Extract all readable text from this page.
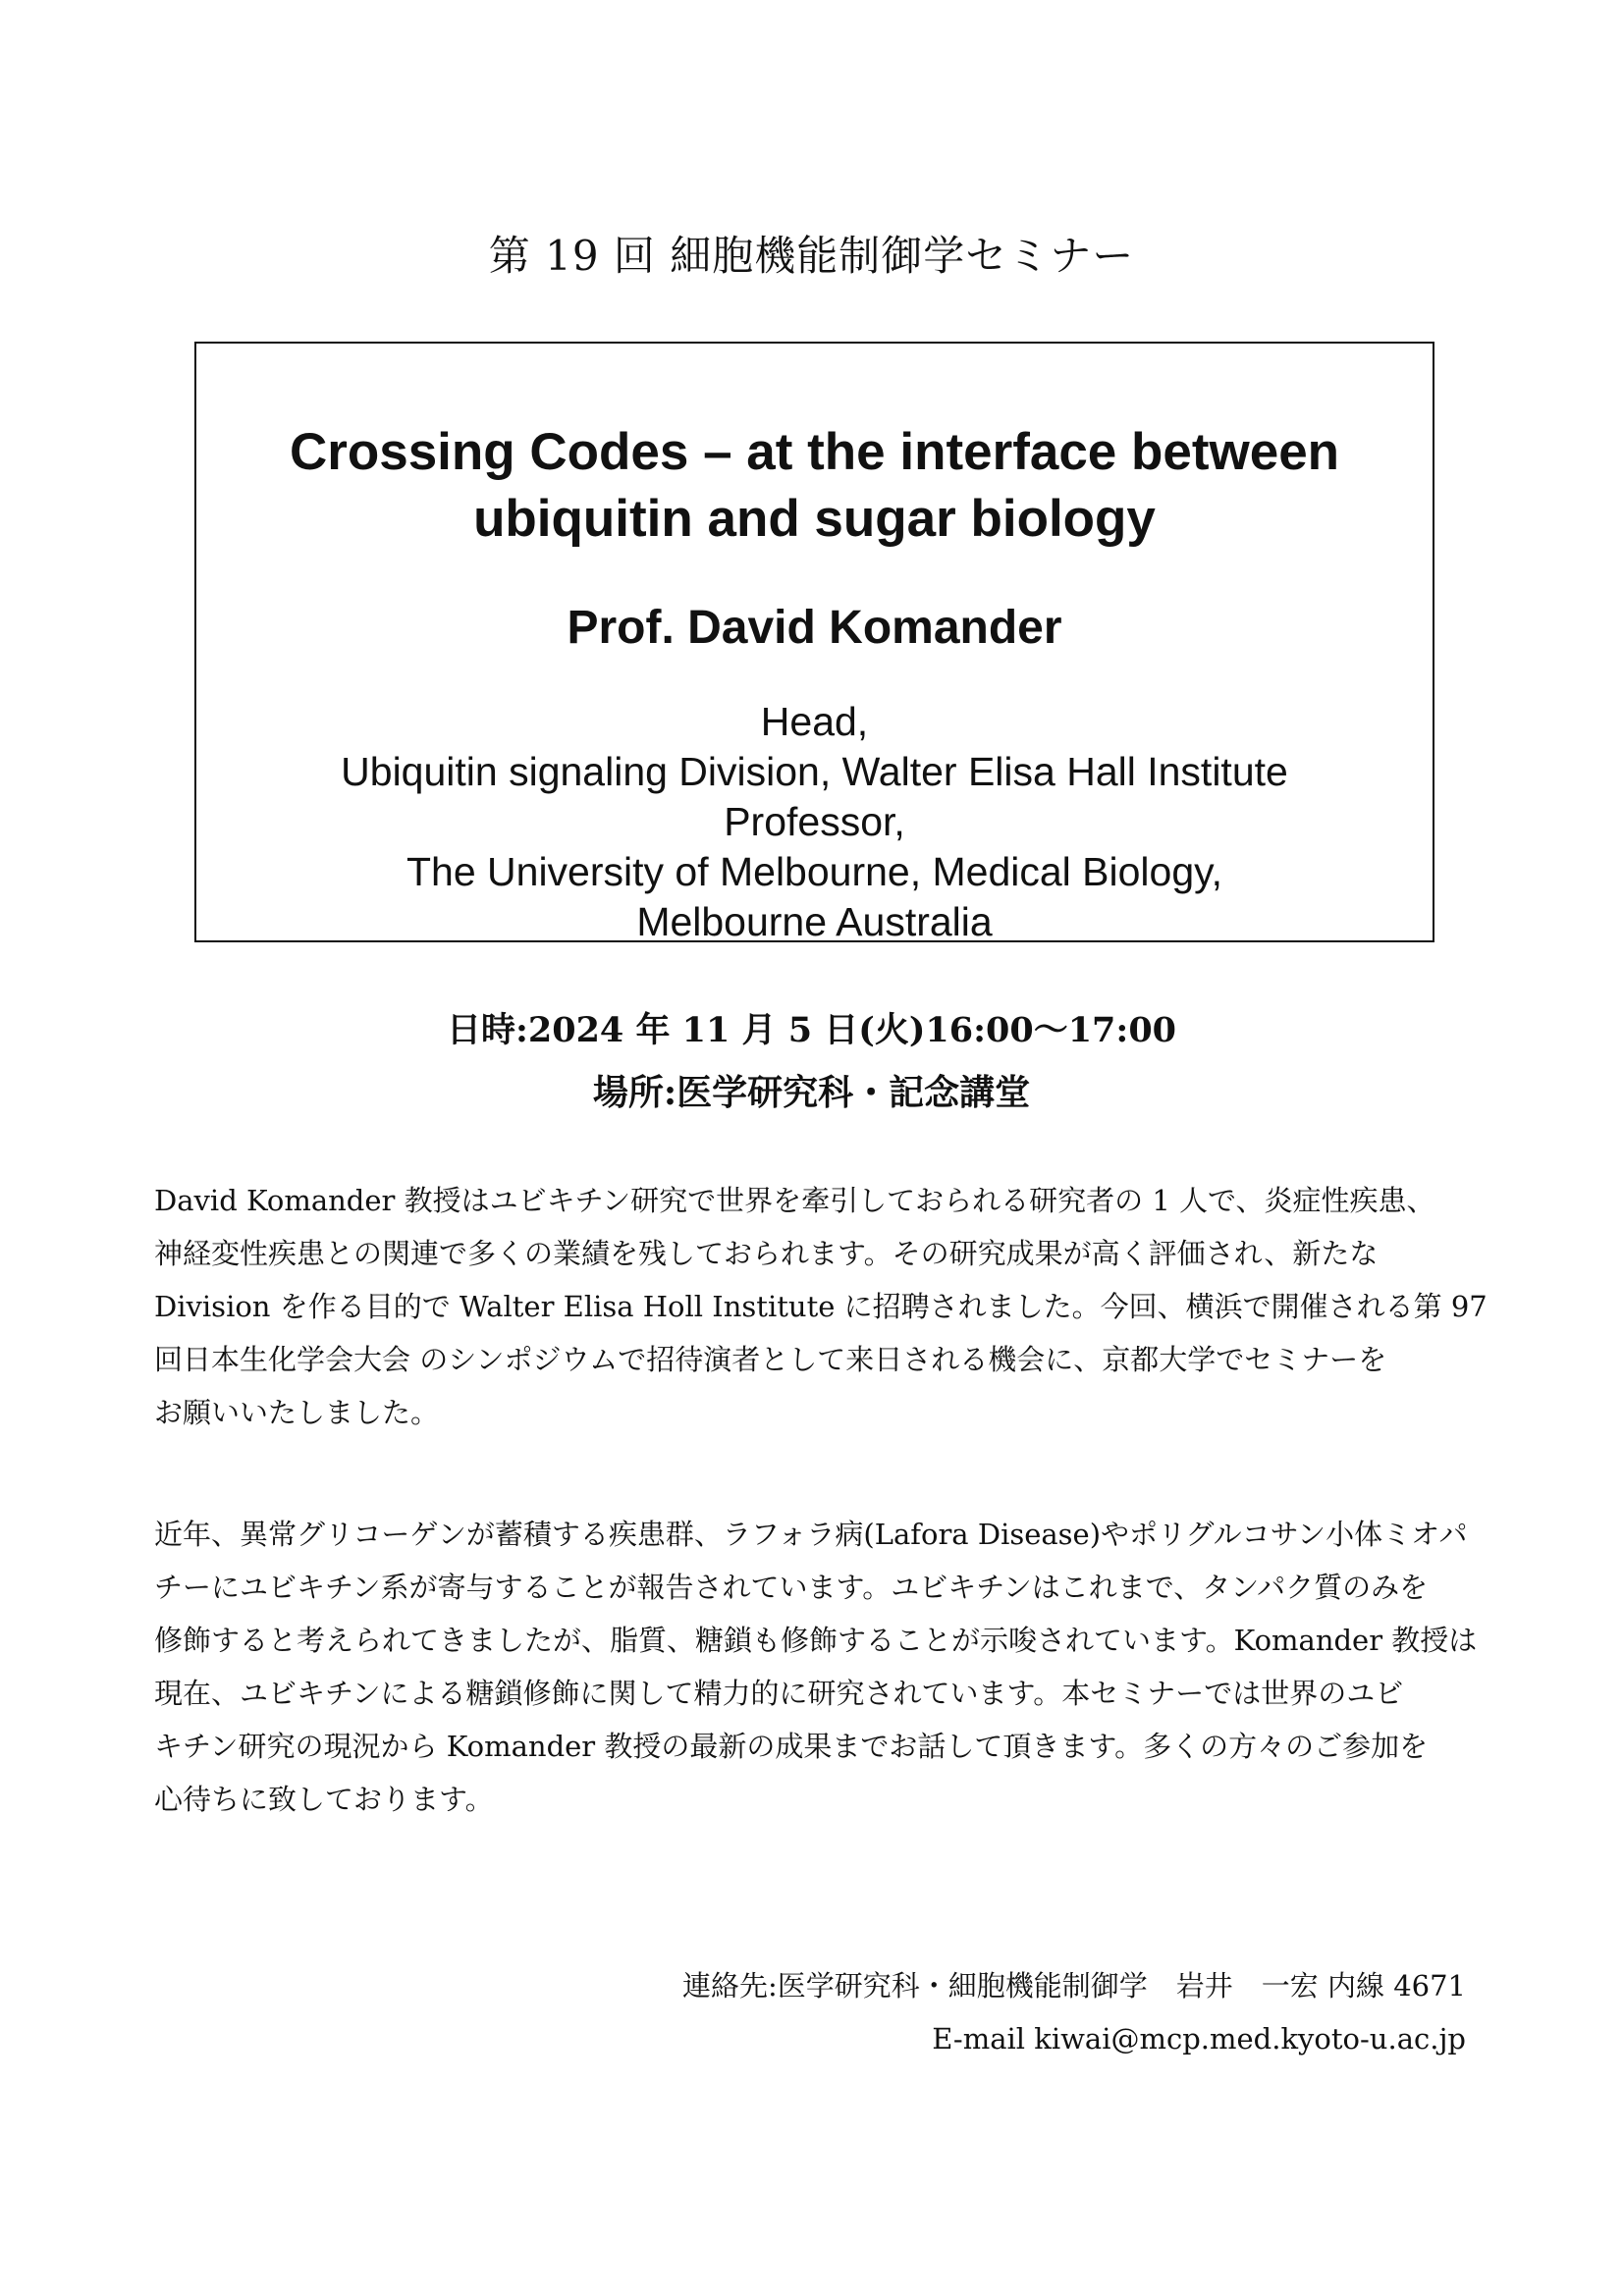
第 19 回 細胞機能制御学セミナー
Crossing Codes – at the interface between
ubiquitin and sugar biology
Prof. David Komander
Head,
Ubiquitin signaling Division, Walter Elisa Hall Institute
Professor,
The University of Melbourne, Medical Biology,
Melbourne Australia
日時:2024 年 11 月 5 日(火)16:00～17:00
場所:医学研究科・記念講堂
David Komander 教授はユビキチン研究で世界を牽引しておられる研究者の 1 人で、炎症性疾患、
神経変性疾患との関連で多くの業績を残しておられます。その研究成果が高く評価され、新たな
Division を作る目的で Walter Elisa Holl Institute に招聘されました。今回、横浜で開催される第 97
回日本生化学会大会 のシンポジウムで招待演者として来日される機会に、京都大学でセミナーを
お願いいたしました。
近年、異常グリコーゲンが蓄積する疾患群、ラフォラ病(Lafora Disease)やポリグルコサン小体ミオパ
チーにユビキチン系が寄与することが報告されています。ユビキチンはこれまで、タンパク質のみを
修飾すると考えられてきましたが、脂質、糖鎖も修飾することが示唆されています。Komander 教授は
現在、ユビキチンによる糖鎖修飾に関して精力的に研究されています。本セミナーでは世界のユビ
キチン研究の現況から Komander 教授の最新の成果までお話して頂きます。多くの方々のご参加を
心待ちに致しております。
連絡先:医学研究科・細胞機能制御学　岩井　一宏 内線 4671
E-mail kiwai@mcp.med.kyoto-u.ac.jp
